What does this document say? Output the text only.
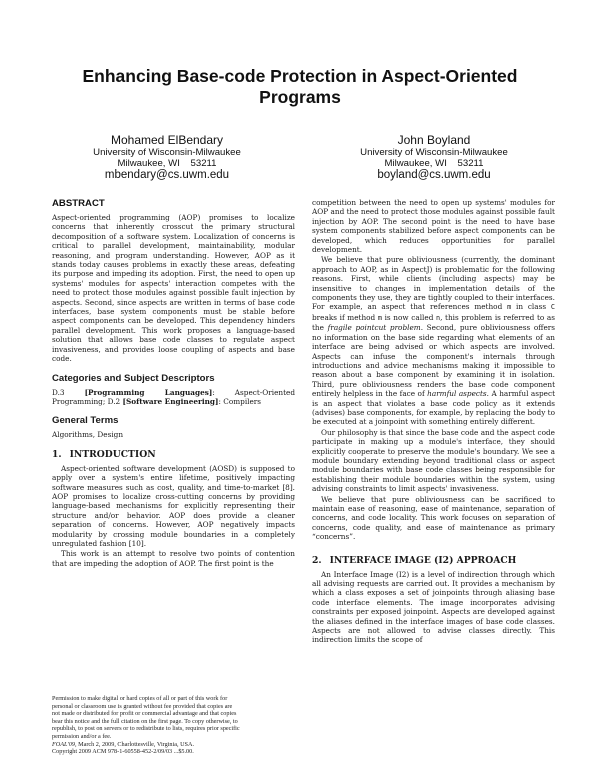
Enhancing Base-code Protection in Aspect-Oriented Programs
Mohamed ElBendary
University of Wisconsin-Milwaukee
Milwaukee, WI    53211
mbendary@cs.uwm.edu
John Boyland
University of Wisconsin-Milwaukee
Milwaukee, WI    53211
boyland@cs.uwm.edu
ABSTRACT

Aspect-oriented programming (AOP) promises to localize concerns that inherently crosscut the primary structural decomposition of a software system. Localization of concerns is critical to parallel development, maintainability, modular reasoning, and program understanding. However, AOP as it stands today causes problems in exactly these areas, defeating its purpose and impeding its adoption. First, the need to open up systems' modules for aspects' interaction competes with the need to protect those modules against possible fault injection by aspects. Second, since aspects are written in terms of base code interfaces, base system components must be stable before aspect components can be developed. This dependency hinders parallel development. This work proposes a language-based solution that allows base code classes to regulate aspect invasiveness, and provides loose coupling of aspects and base code.

Categories and Subject Descriptors

D.3	[Programming Languages]: Aspect-Oriented Programming; D.2 [Software Engineering]: Compilers

General Terms

Algorithms, Design

1. INTRODUCTION

Aspect-oriented software development (AOSD) is supposed to apply over a system's entire lifetime, positively impacting software measures such as cost, quality, and time-to-market [8]. AOP promises to localize cross-cutting concerns by providing language-based mechanisms for explicitly representing their structure and/or behavior. AOP does provide a cleaner separation of concerns. However, AOP negatively impacts modularity by crossing module boundaries in a completely unregulated fashion [10].

This work is an attempt to resolve two points of contention that are impeding the adoption of AOP. The first point is the

competition between the need to open up systems' modules for AOP and the need to protect those modules against possible fault injection by AOP. The second point is the need to have base system components stabilized before aspect components can be developed, which reduces opportunities for parallel development.

We believe that pure obliviousness (currently, the dominant approach to AOP, as in AspectJ) is problematic for the following reasons. First, while clients (including aspects) may be insensitive to changes in implementation details of the components they use, they are tightly coupled to their interfaces. For example, an aspect that references method m in class C breaks if method m is now called n, this problem is referred to as the fragile pointcut problem. Second, pure obliviousness offers no information on the base side regarding what elements of an interface are being advised or which aspects are involved. Aspects can infuse the component's internals through introductions and advice mechanisms making it impossible to reason about a base component by examining it in isolation. Third, pure obliviousness renders the base code component entirely helpless in the face of harmful aspects. A harmful aspect is an aspect that violates a base code policy as it extends (advises) base components, for example, by replacing the body to be executed at a joinpoint with something entirely different.

Our philosophy is that since the base code and the aspect code participate in making up a module's interface, they should explicitly cooperate to preserve the module's boundary. We see a module boundary extending beyond traditional class or aspect module boundaries with base code classes being responsible for establishing their module boundaries within the system, using advising constraints to limit aspects' invasiveness.

We believe that pure obliviousness can be sacrificed to maintain ease of reasoning, ease of maintenance, separation of concerns, and code locality. This work focuses on separation of concerns, code quality, and ease of maintenance as primary “concerns”.

2. INTERFACE IMAGE (I2) APPROACH

An Interface Image (I2) is a level of indirection through which all advising requests are carried out. It provides a mechanism by which a class exposes a set of joinpoints through aliasing base code interface elements. The image incorporates advising constraints per exposed joinpoint. Aspects are developed against the aliases defined in the interface images of base code classes. Aspects are not allowed to advise classes directly. This indirection limits the scope of

Permission to make digital or hard copies of all or part of this work for
personal or classroom use is granted without fee provided that copies are
not made or distributed for profit or commercial advantage and that copies
bear this notice and the full citation on the first page. To copy otherwise, to
republish, to post on servers or to redistribute to lists, requires prior specific
permission and/or a fee.
FOAL'09, March 2, 2009, Charlottesville, Virginia, USA.
Copyright 2009 ACM 978-1-60558-452-2/09/03 ...$5.00.
